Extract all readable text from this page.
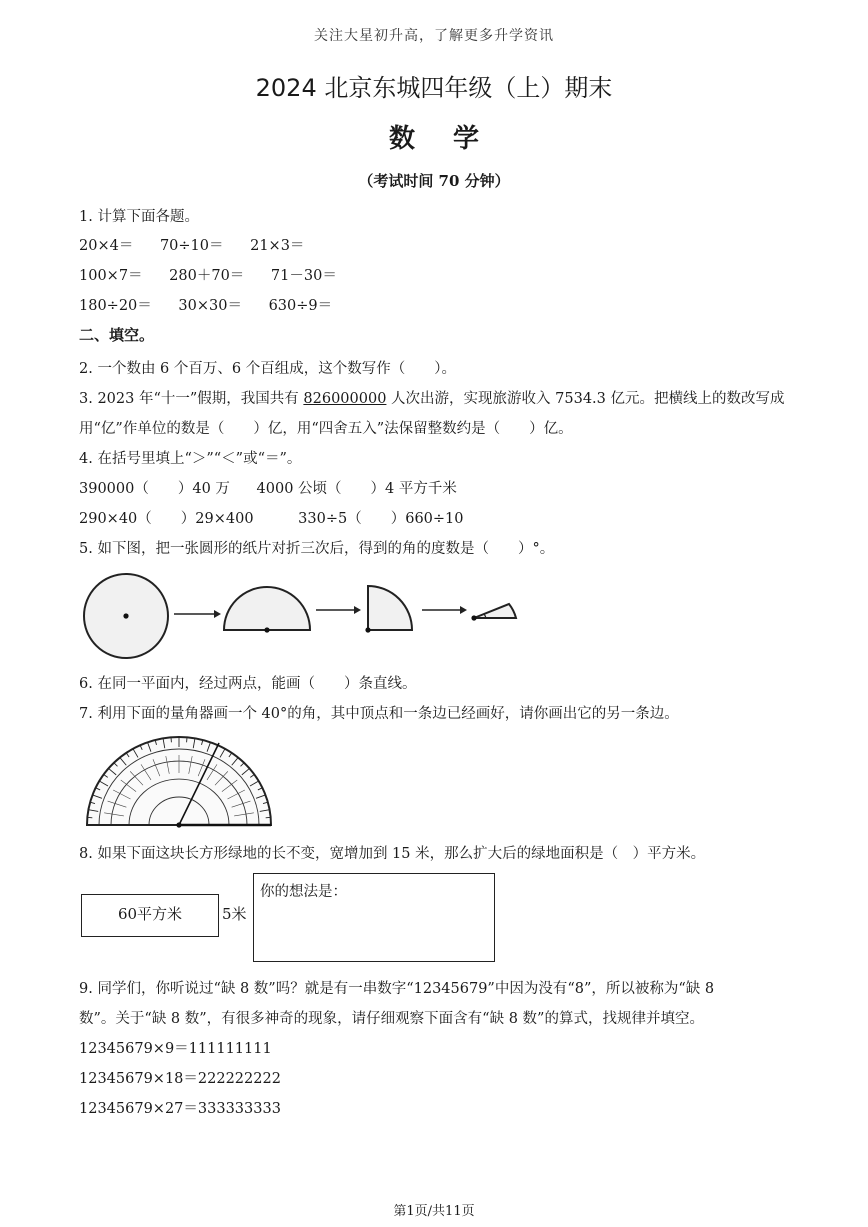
关注大星初升高，了解更多升学资讯
2024 北京东城四年级（上）期末
数学
（考试时间 70 分钟）
1. 计算下面各题。
20×4＝ 70÷10＝ 21×3＝
100×7＝ 280＋70＝ 71－30＝
180÷20＝ 30×30＝ 630÷9＝
二、填空。
2. 一个数由 6 个百万、6 个百组成，这个数写作（　　）。
3. 2023 年“十一”假期，我国共有 826000000 人次出游，实现旅游收入 7534.3 亿元。把横线上的数改写成
用“亿”作单位的数是（　　）亿，用“四舍五入”法保留整数约是（　　）亿。
4. 在括号里填上“＞”“＜”或“＝”。
390000（　　）40 万 4000 公顷（　　）4 平方千米
290×40（　　）29×400	330÷5（　　）660÷10
5. 如下图，把一张圆形的纸片对折三次后，得到的角的度数是（　　）°。
6. 在同一平面内，经过两点，能画（　　）条直线。
7. 利用下面的量角器画一个 40°的角，其中顶点和一条边已经画好，请你画出它的另一条边。
8. 如果下面这块长方形绿地的长不变，宽增加到 15 米，那么扩大后的绿地面积是（　）平方米。
60平方米	5米
你的想法是：
9. 同学们，你听说过“缺 8 数”吗？就是有一串数字“12345679”中因为没有“8”，所以被称为“缺 8
数”。关于“缺 8 数”，有很多神奇的现象，请仔细观察下面含有“缺 8 数”的算式，找规律并填空。
12345679×9＝111111111
12345679×18＝222222222
12345679×27＝333333333
第1页/共11页
